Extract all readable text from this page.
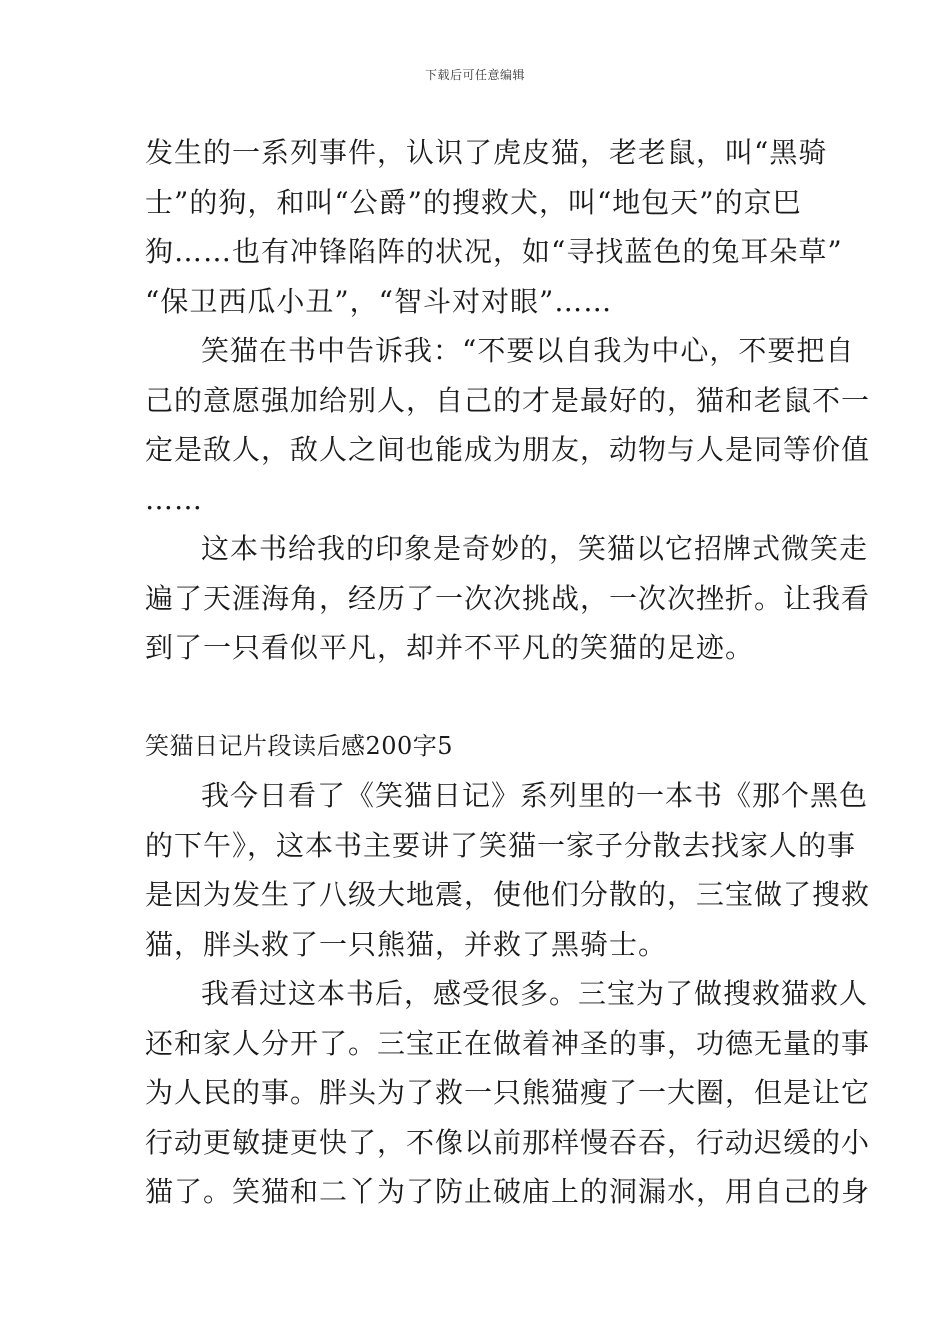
下载后可任意编辑
发生的一系列事件，认识了虎皮猫，老老鼠，叫“黑骑
士”的狗，和叫“公爵”的搜救犬，叫“地包天”的京巴
狗……也有冲锋陷阵的状况，如“寻找蓝色的兔耳朵草”
“保卫西瓜小丑”，“智斗对对眼”……
笑猫在书中告诉我：“不要以自我为中心，不要把自
己的意愿强加给别人，自己的才是最好的，猫和老鼠不一
定是敌人，敌人之间也能成为朋友，动物与人是同等价值
……
这本书给我的印象是奇妙的，笑猫以它招牌式微笑走
遍了天涯海角，经历了一次次挑战，一次次挫折。让我看
到了一只看似平凡，却并不平凡的笑猫的足迹。
笑猫日记片段读后感200字5
我今日看了《笑猫日记》系列里的一本书《那个黑色
的下午》，这本书主要讲了笑猫一家子分散去找家人的事
是因为发生了八级大地震，使他们分散的，三宝做了搜救
猫，胖头救了一只熊猫，并救了黑骑士。
我看过这本书后，感受很多。三宝为了做搜救猫救人
还和家人分开了。三宝正在做着神圣的事，功德无量的事
为人民的事。胖头为了救一只熊猫瘦了一大圈，但是让它
行动更敏捷更快了，不像以前那样慢吞吞，行动迟缓的小
猫了。笑猫和二丫为了防止破庙上的洞漏水，用自己的身
